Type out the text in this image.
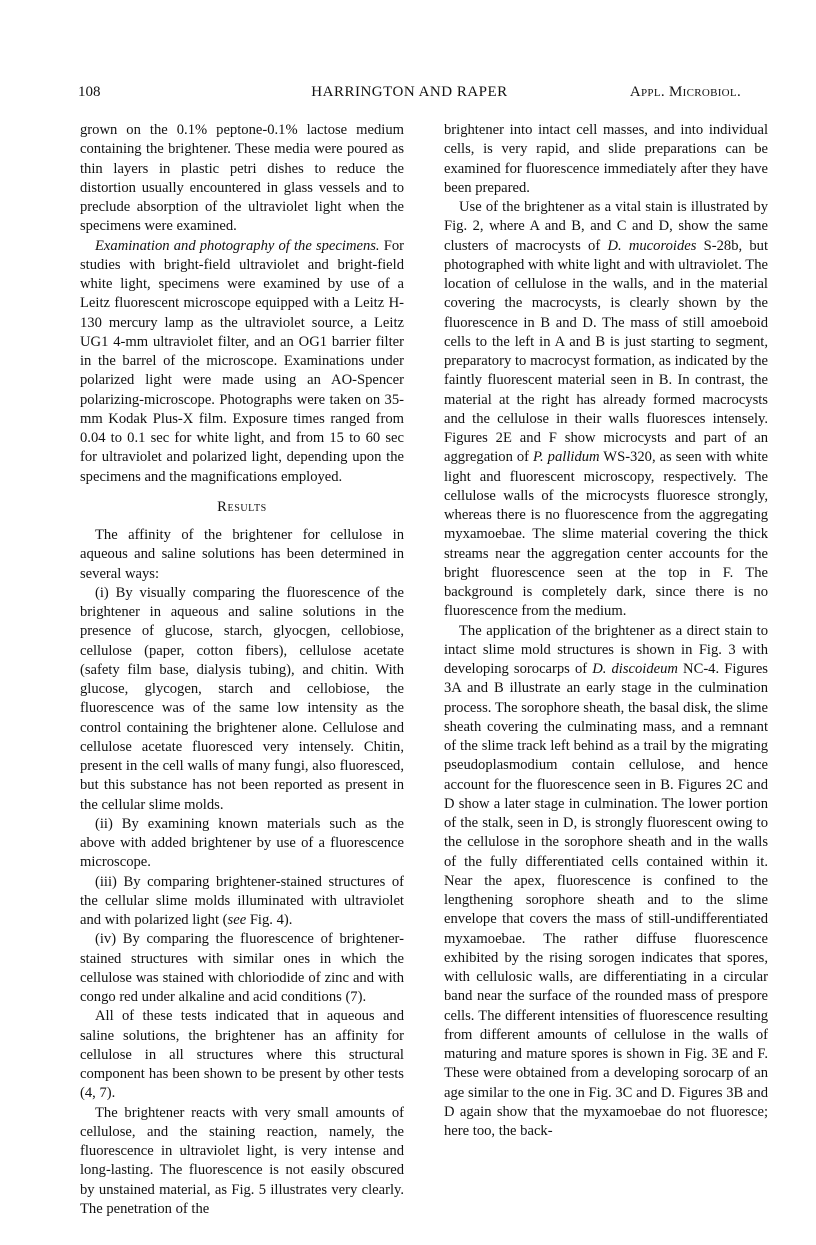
108	HARRINGTON AND RAPER	Appl. Microbiol.

grown on the 0.1% peptone-0.1% lactose medium containing the brightener. These media were poured as thin layers in plastic petri dishes to reduce the distortion usually encountered in glass vessels and to preclude absorption of the ultraviolet light when the specimens were examined.

Examination and photography of the specimens. For studies with bright-field ultraviolet and bright-field white light, specimens were examined by use of a Leitz fluorescent microscope equipped with a Leitz H-130 mercury lamp as the ultraviolet source, a Leitz UG1 4-mm ultraviolet filter, and an OG1 barrier filter in the barrel of the microscope. Examinations under polarized light were made using an AO-Spencer polarizing-microscope. Photographs were taken on 35-mm Kodak Plus-X film. Exposure times ranged from 0.04 to 0.1 sec for white light, and from 15 to 60 sec for ultraviolet and polarized light, depending upon the specimens and the magnifications employed.

Results

The affinity of the brightener for cellulose in aqueous and saline solutions has been determined in several ways:

(i) By visually comparing the fluorescence of the brightener in aqueous and saline solutions in the presence of glucose, starch, glyocgen, cellobiose, cellulose (paper, cotton fibers), cellulose acetate (safety film base, dialysis tubing), and chitin. With glucose, glycogen, starch and cellobiose, the fluorescence was of the same low intensity as the control containing the brightener alone. Cellulose and cellulose acetate fluoresced very intensely. Chitin, present in the cell walls of many fungi, also fluoresced, but this substance has not been reported as present in the cellular slime molds.

(ii) By examining known materials such as the above with added brightener by use of a fluorescence microscope.

(iii) By comparing brightener-stained structures of the cellular slime molds illuminated with ultraviolet and with polarized light (see Fig. 4).

(iv) By comparing the fluorescence of brightener-stained structures with similar ones in which the cellulose was stained with chloriodide of zinc and with congo red under alkaline and acid conditions (7).

All of these tests indicated that in aqueous and saline solutions, the brightener has an affinity for cellulose in all structures where this structural component has been shown to be present by other tests (4, 7).

The brightener reacts with very small amounts of cellulose, and the staining reaction, namely, the fluorescence in ultraviolet light, is very intense and long-lasting. The fluorescence is not easily obscured by unstained material, as Fig. 5 illustrates very clearly. The penetration of the

brightener into intact cell masses, and into individual cells, is very rapid, and slide preparations can be examined for fluorescence immediately after they have been prepared.

Use of the brightener as a vital stain is illustrated by Fig. 2, where A and B, and C and D, show the same clusters of macrocysts of D. mucoroides S-28b, but photographed with white light and with ultraviolet. The location of cellulose in the walls, and in the material covering the macrocysts, is clearly shown by the fluorescence in B and D. The mass of still amoeboid cells to the left in A and B is just starting to segment, preparatory to macrocyst formation, as indicated by the faintly fluorescent material seen in B. In contrast, the material at the right has already formed macrocysts and the cellulose in their walls fluoresces intensely. Figures 2E and F show microcysts and part of an aggregation of P. pallidum WS-320, as seen with white light and fluorescent microscopy, respectively. The cellulose walls of the microcysts fluoresce strongly, whereas there is no fluorescence from the aggregating myxamoebae. The slime material covering the thick streams near the aggregation center accounts for the bright fluorescence seen at the top in F. The background is completely dark, since there is no fluorescence from the medium.

The application of the brightener as a direct stain to intact slime mold structures is shown in Fig. 3 with developing sorocarps of D. discoideum NC-4. Figures 3A and B illustrate an early stage in the culmination process. The sorophore sheath, the basal disk, the slime sheath covering the culminating mass, and a remnant of the slime track left behind as a trail by the migrating pseudoplasmodium contain cellulose, and hence account for the fluorescence seen in B. Figures 2C and D show a later stage in culmination. The lower portion of the stalk, seen in D, is strongly fluorescent owing to the cellulose in the sorophore sheath and in the walls of the fully differentiated cells contained within it. Near the apex, fluorescence is confined to the lengthening sorophore sheath and to the slime envelope that covers the mass of still-undifferentiated myxamoebae. The rather diffuse fluorescence exhibited by the rising sorogen indicates that spores, with cellulosic walls, are differentiating in a circular band near the surface of the rounded mass of prespore cells. The different intensities of fluorescence resulting from different amounts of cellulose in the walls of maturing and mature spores is shown in Fig. 3E and F. These were obtained from a developing sorocarp of an age similar to the one in Fig. 3C and D. Figures 3B and D again show that the myxamoebae do not fluoresce; here too, the back-
